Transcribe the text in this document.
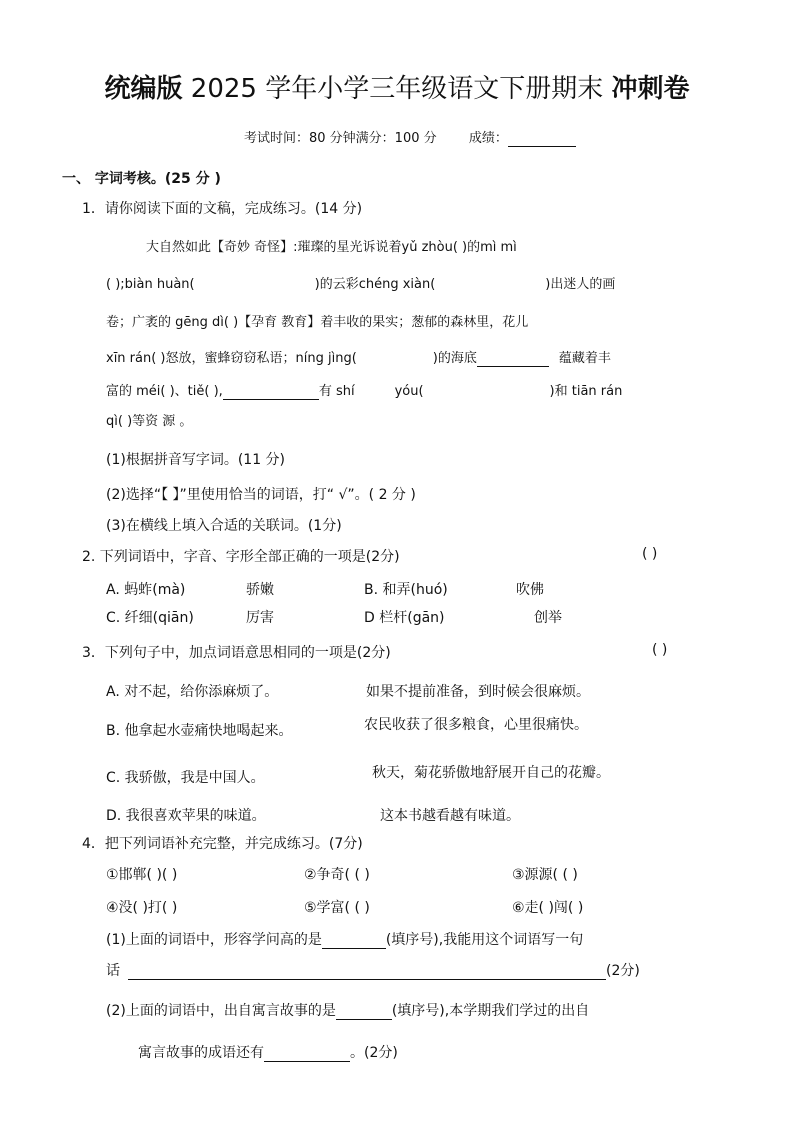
统编版 2025 学年小学三年级语文下册期末 冲刺卷
考试时间：80 分钟满分：100 分 成绩：
一、 字词考核。(25 分 )
1．请你阅读下面的文稿，完成练习。(14 分)
大自然如此【奇妙 奇怪】:璀璨的星光诉说着yǔ zhòu( )的mì mì
( );biàn huàn(	)的云彩chéng xiàn(	)出迷人的画
卷；广袤的 gēng dì( )【孕育 教育】着丰收的果实；葱郁的森林里，花儿
xīn rán( )怒放，蜜蜂窃窃私语；níng jìng(	)的海底	蕴藏着丰
富的 méi( )、tiě( ),	有 shí	yóu(	)和 tiān rán
qì( )等资 源 。
(1)根据拼音写字词。(11 分)
(2)选择“【 】”里使用恰当的词语，打“ √”。( 2 分 )
(3)在横线上填入合适的关联词。(1分)
2. 下列词语中，字音、字形全部正确的一项是(2分)	( )
A. 蚂蚱(mà)	骄嫩	B. 和弄(huó)	吹佛
C. 纤细(qiān)	厉害	D 栏杆(gān)	创举
3．下列句子中，加点词语意思相同的一项是(2分)	( )
A. 对不起，给你添麻烦了。	如果不提前准备，到时候会很麻烦。
B. 他拿起水壶痛快地喝起来。	农民收获了很多粮食，心里很痛快。
C. 我骄傲，我是中国人。	秋天，菊花骄傲地舒展开自己的花瓣。
D. 我很喜欢苹果的味道。	这本书越看越有味道。
4．把下列词语补充完整，并完成练习。(7分)
①邯郸( )( )	②争奇( ( )	③源源( ( )
④没( )打( )	⑤学富( ( )	⑥走( )闯( )
(1)上面的词语中，形容学问高的是	(填序号),我能用这个词语写一句
话	(2分)
(2)上面的词语中，出自寓言故事的是	(填序号),本学期我们学过的出自
寓言故事的成语还有	。(2分)
